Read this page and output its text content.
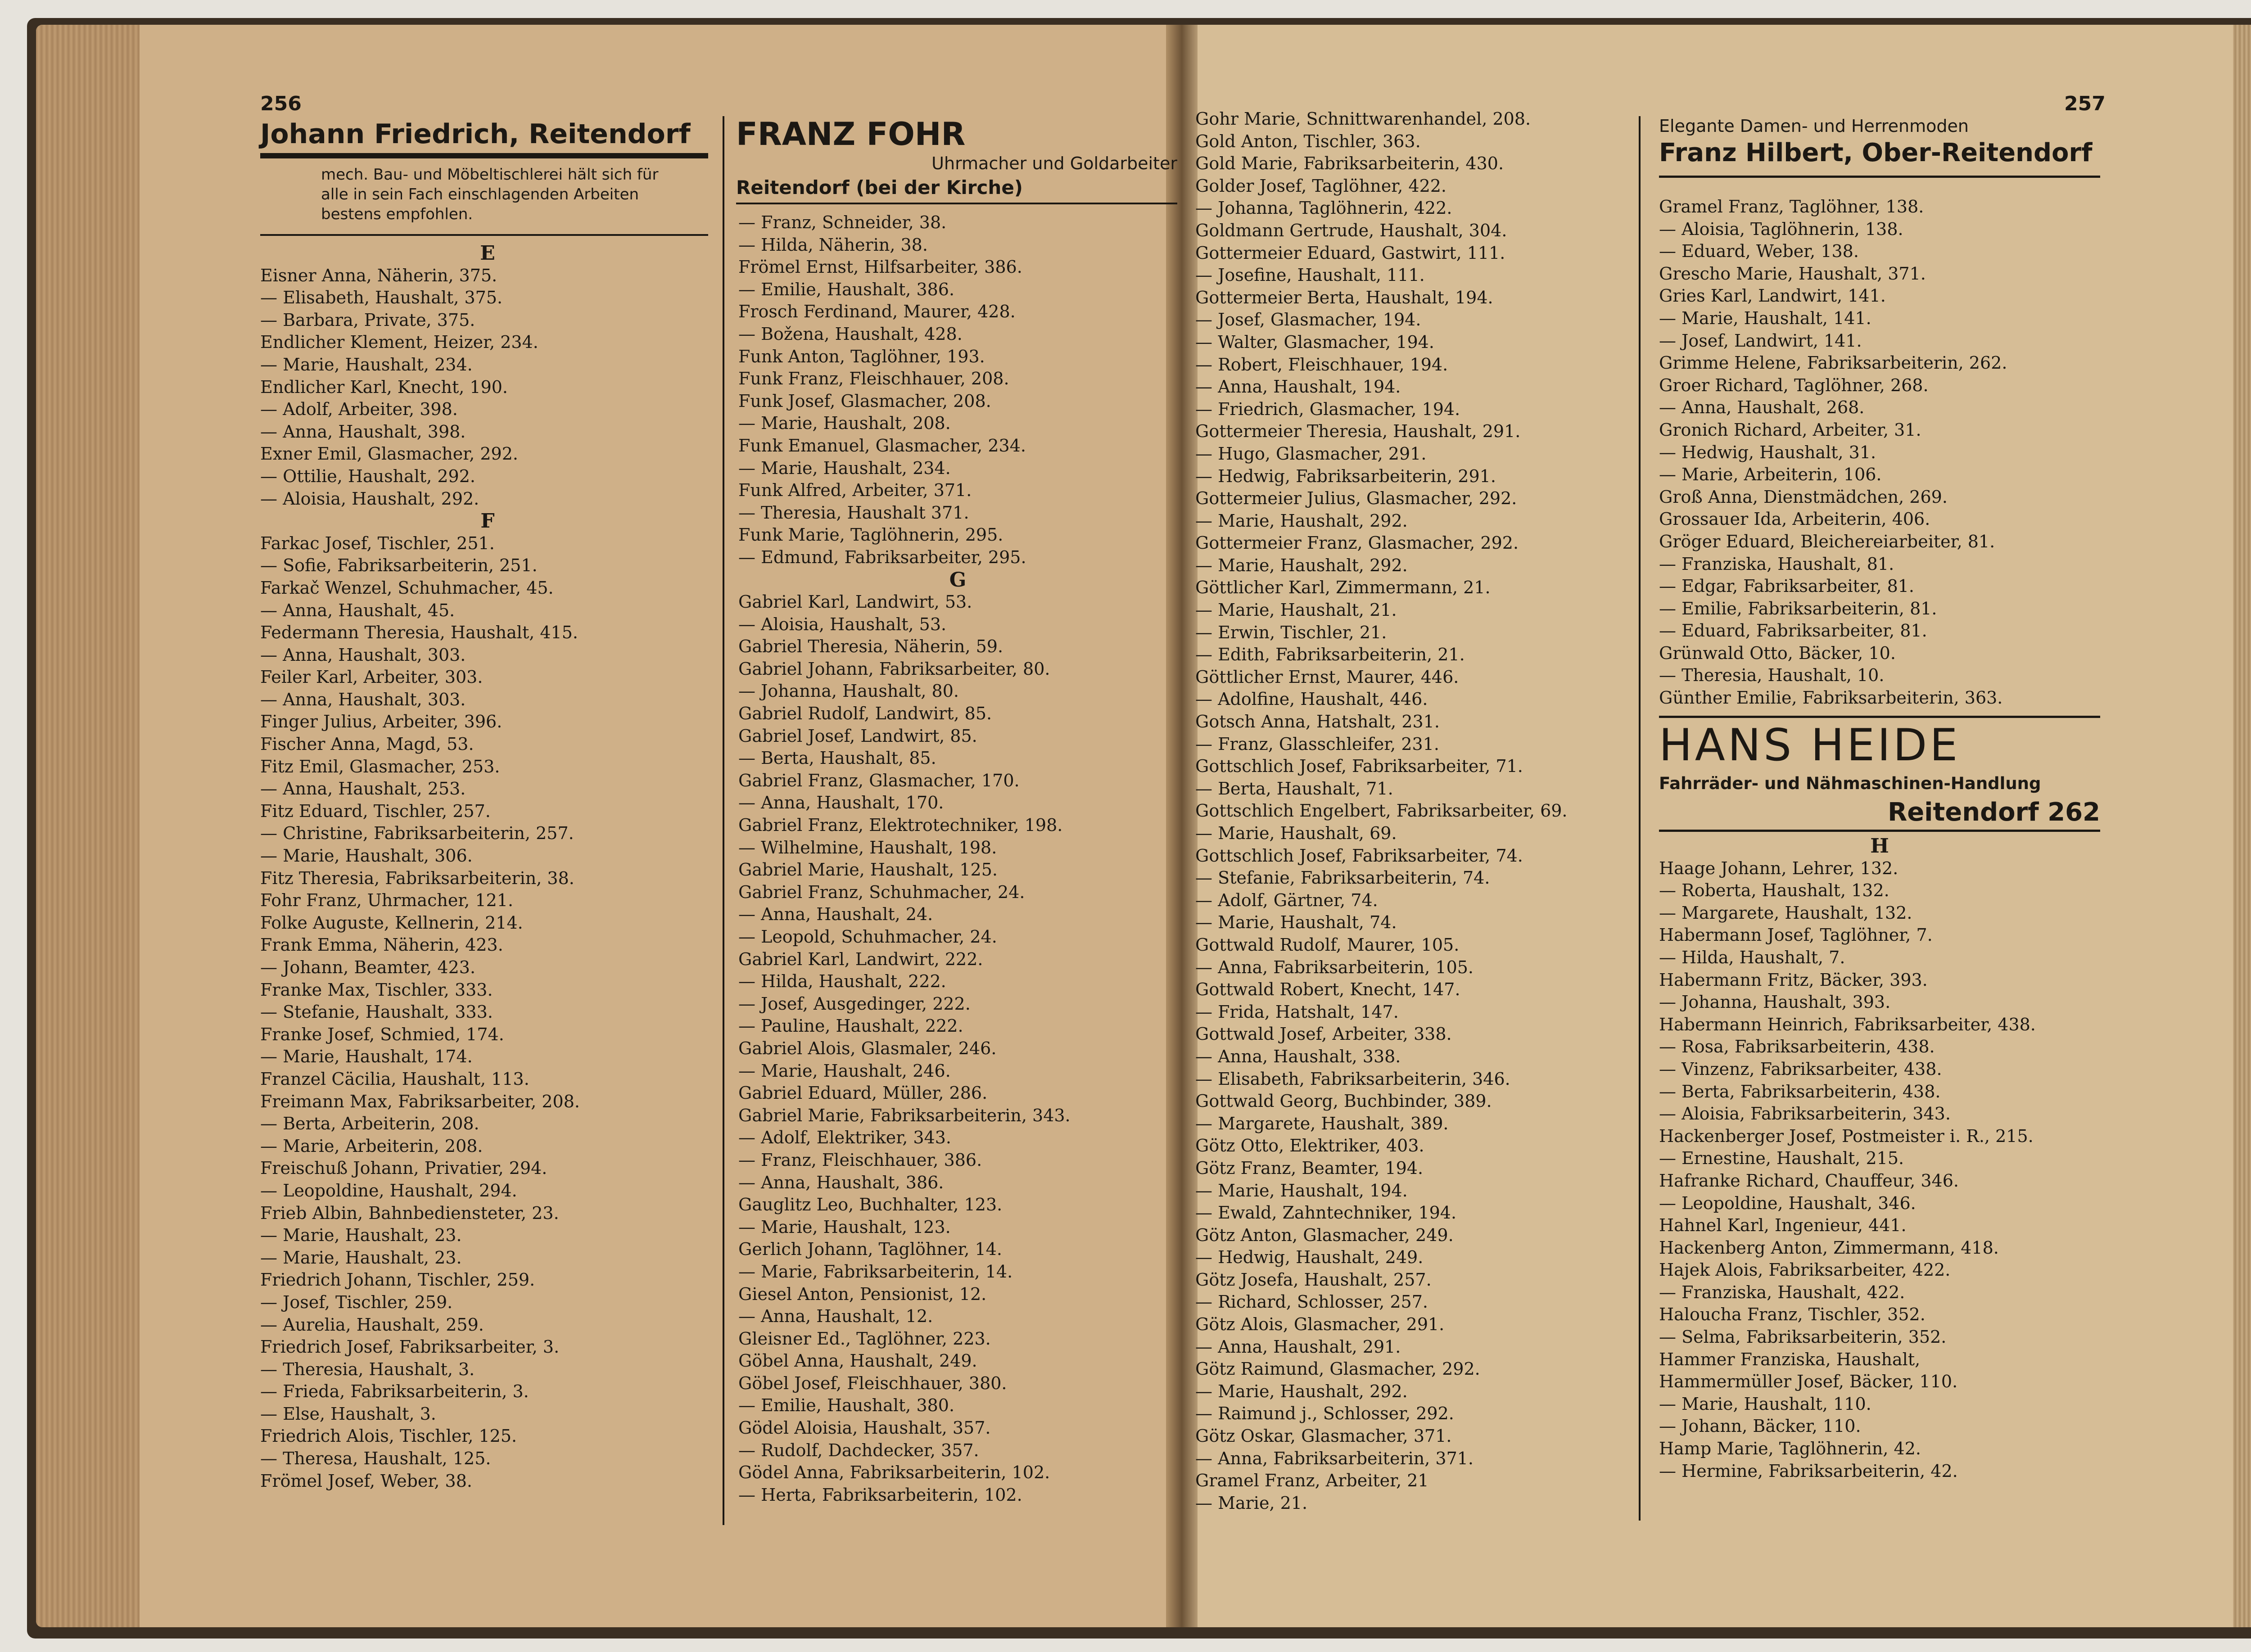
256
Johann Friedrich, Reitendorf
mech. Bau- und Möbeltischlerei hält sich für
alle in sein Fach einschlagenden Arbeiten
bestens empfohlen.
FRANZ FOHR
Uhrmacher und Goldarbeiter
Reitendorf (bei der Kirche)
E
Eisner Anna, Näherin, 375.
— Elisabeth, Haushalt, 375.
— Barbara, Private, 375.
Endlicher Klement, Heizer, 234.
— Marie, Haushalt, 234.
Endlicher Karl, Knecht, 190.
— Adolf, Arbeiter, 398.
— Anna, Haushalt, 398.
Exner Emil, Glasmacher, 292.
— Ottilie, Haushalt, 292.
— Aloisia, Haushalt, 292.
F
Farkac Josef, Tischler, 251.
— Sofie, Fabriksarbeiterin, 251.
Farkač Wenzel, Schuhmacher, 45.
— Anna, Haushalt, 45.
Federmann Theresia, Haushalt, 415.
— Anna, Haushalt, 303.
Feiler Karl, Arbeiter, 303.
— Anna, Haushalt, 303.
Finger Julius, Arbeiter, 396.
Fischer Anna, Magd, 53.
Fitz Emil, Glasmacher, 253.
— Anna, Haushalt, 253.
Fitz Eduard, Tischler, 257.
— Christine, Fabriksarbeiterin, 257.
— Marie, Haushalt, 306.
Fitz Theresia, Fabriksarbeiterin, 38.
Fohr Franz, Uhrmacher, 121.
Folke Auguste, Kellnerin, 214.
Frank Emma, Näherin, 423.
— Johann, Beamter, 423.
Franke Max, Tischler, 333.
— Stefanie, Haushalt, 333.
Franke Josef, Schmied, 174.
— Marie, Haushalt, 174.
Franzel Cäcilia, Haushalt, 113.
Freimann Max, Fabriksarbeiter, 208.
— Berta, Arbeiterin, 208.
— Marie, Arbeiterin, 208.
Freischuß Johann, Privatier, 294.
— Leopoldine, Haushalt, 294.
Frieb Albin, Bahnbediensteter, 23.
— Marie, Haushalt, 23.
— Marie, Haushalt, 23.
Friedrich Johann, Tischler, 259.
— Josef, Tischler, 259.
— Aurelia, Haushalt, 259.
Friedrich Josef, Fabriksarbeiter, 3.
— Theresia, Haushalt, 3.
— Frieda, Fabriksarbeiterin, 3.
— Else, Haushalt, 3.
Friedrich Alois, Tischler, 125.
— Theresa, Haushalt, 125.
Frömel Josef, Weber, 38.
— Franz, Schneider, 38.
— Hilda, Näherin, 38.
Frömel Ernst, Hilfsarbeiter, 386.
— Emilie, Haushalt, 386.
Frosch Ferdinand, Maurer, 428.
— Božena, Haushalt, 428.
Funk Anton, Taglöhner, 193.
Funk Franz, Fleischhauer, 208.
Funk Josef, Glasmacher, 208.
— Marie, Haushalt, 208.
Funk Emanuel, Glasmacher, 234.
— Marie, Haushalt, 234.
Funk Alfred, Arbeiter, 371.
— Theresia, Haushalt 371.
Funk Marie, Taglöhnerin, 295.
— Edmund, Fabriksarbeiter, 295.
G
Gabriel Karl, Landwirt, 53.
— Aloisia, Haushalt, 53.
Gabriel Theresia, Näherin, 59.
Gabriel Johann, Fabriksarbeiter, 80.
— Johanna, Haushalt, 80.
Gabriel Rudolf, Landwirt, 85.
Gabriel Josef, Landwirt, 85.
— Berta, Haushalt, 85.
Gabriel Franz, Glasmacher, 170.
— Anna, Haushalt, 170.
Gabriel Franz, Elektrotechniker, 198.
— Wilhelmine, Haushalt, 198.
Gabriel Marie, Haushalt, 125.
Gabriel Franz, Schuhmacher, 24.
— Anna, Haushalt, 24.
— Leopold, Schuhmacher, 24.
Gabriel Karl, Landwirt, 222.
— Hilda, Haushalt, 222.
— Josef, Ausgedinger, 222.
— Pauline, Haushalt, 222.
Gabriel Alois, Glasmaler, 246.
— Marie, Haushalt, 246.
Gabriel Eduard, Müller, 286.
Gabriel Marie, Fabriksarbeiterin, 343.
— Adolf, Elektriker, 343.
— Franz, Fleischhauer, 386.
— Anna, Haushalt, 386.
Gauglitz Leo, Buchhalter, 123.
— Marie, Haushalt, 123.
Gerlich Johann, Taglöhner, 14.
— Marie, Fabriksarbeiterin, 14.
Giesel Anton, Pensionist, 12.
— Anna, Haushalt, 12.
Gleisner Ed., Taglöhner, 223.
Göbel Anna, Haushalt, 249.
Göbel Josef, Fleischhauer, 380.
— Emilie, Haushalt, 380.
Gödel Aloisia, Haushalt, 357.
— Rudolf, Dachdecker, 357.
Gödel Anna, Fabriksarbeiterin, 102.
— Herta, Fabriksarbeiterin, 102.
257
Gohr Marie, Schnittwarenhandel, 208.
Gold Anton, Tischler, 363.
Gold Marie, Fabriksarbeiterin, 430.
Golder Josef, Taglöhner, 422.
— Johanna, Taglöhnerin, 422.
Goldmann Gertrude, Haushalt, 304.
Gottermeier Eduard, Gastwirt, 111.
— Josefine, Haushalt, 111.
Gottermeier Berta, Haushalt, 194.
— Josef, Glasmacher, 194.
— Walter, Glasmacher, 194.
— Robert, Fleischhauer, 194.
— Anna, Haushalt, 194.
— Friedrich, Glasmacher, 194.
Gottermeier Theresia, Haushalt, 291.
— Hugo, Glasmacher, 291.
— Hedwig, Fabriksarbeiterin, 291.
Gottermeier Julius, Glasmacher, 292.
— Marie, Haushalt, 292.
Gottermeier Franz, Glasmacher, 292.
— Marie, Haushalt, 292.
Göttlicher Karl, Zimmermann, 21.
— Marie, Haushalt, 21.
— Erwin, Tischler, 21.
— Edith, Fabriksarbeiterin, 21.
Göttlicher Ernst, Maurer, 446.
— Adolfine, Haushalt, 446.
Gotsch Anna, Hatshalt, 231.
— Franz, Glasschleifer, 231.
Gottschlich Josef, Fabriksarbeiter, 71.
— Berta, Haushalt, 71.
Gottschlich Engelbert, Fabriksarbeiter, 69.
— Marie, Haushalt, 69.
Gottschlich Josef, Fabriksarbeiter, 74.
— Stefanie, Fabriksarbeiterin, 74.
— Adolf, Gärtner, 74.
— Marie, Haushalt, 74.
Gottwald Rudolf, Maurer, 105.
— Anna, Fabriksarbeiterin, 105.
Gottwald Robert, Knecht, 147.
— Frida, Hatshalt, 147.
Gottwald Josef, Arbeiter, 338.
— Anna, Haushalt, 338.
— Elisabeth, Fabriksarbeiterin, 346.
Gottwald Georg, Buchbinder, 389.
— Margarete, Haushalt, 389.
Götz Otto, Elektriker, 403.
Götz Franz, Beamter, 194.
— Marie, Haushalt, 194.
— Ewald, Zahntechniker, 194.
Götz Anton, Glasmacher, 249.
— Hedwig, Haushalt, 249.
Götz Josefa, Haushalt, 257.
— Richard, Schlosser, 257.
Götz Alois, Glasmacher, 291.
— Anna, Haushalt, 291.
Götz Raimund, Glasmacher, 292.
— Marie, Haushalt, 292.
— Raimund j., Schlosser, 292.
Götz Oskar, Glasmacher, 371.
— Anna, Fabriksarbeiterin, 371.
Gramel Franz, Arbeiter, 21
— Marie, 21.
Elegante Damen- und Herrenmoden
Franz Hilbert, Ober-Reitendorf
Gramel Franz, Taglöhner, 138.
— Aloisia, Taglöhnerin, 138.
— Eduard, Weber, 138.
Grescho Marie, Haushalt, 371.
Gries Karl, Landwirt, 141.
— Marie, Haushalt, 141.
— Josef, Landwirt, 141.
Grimme Helene, Fabriksarbeiterin, 262.
Groer Richard, Taglöhner, 268.
— Anna, Haushalt, 268.
Gronich Richard, Arbeiter, 31.
— Hedwig, Haushalt, 31.
— Marie, Arbeiterin, 106.
Groß Anna, Dienstmädchen, 269.
Grossauer Ida, Arbeiterin, 406.
Gröger Eduard, Bleichereiarbeiter, 81.
— Franziska, Haushalt, 81.
— Edgar, Fabriksarbeiter, 81.
— Emilie, Fabriksarbeiterin, 81.
— Eduard, Fabriksarbeiter, 81.
Grünwald Otto, Bäcker, 10.
— Theresia, Haushalt, 10.
Günther Emilie, Fabriksarbeiterin, 363.
HANS HEIDE
Fahrräder- und Nähmaschinen-Handlung
Reitendorf 262
H
Haage Johann, Lehrer, 132.
— Roberta, Haushalt, 132.
— Margarete, Haushalt, 132.
Habermann Josef, Taglöhner, 7.
— Hilda, Haushalt, 7.
Habermann Fritz, Bäcker, 393.
— Johanna, Haushalt, 393.
Habermann Heinrich, Fabriksarbeiter, 438.
— Rosa, Fabriksarbeiterin, 438.
— Vinzenz, Fabriksarbeiter, 438.
— Berta, Fabriksarbeiterin, 438.
— Aloisia, Fabriksarbeiterin, 343.
Hackenberger Josef, Postmeister i. R., 215.
— Ernestine, Haushalt, 215.
Hafranke Richard, Chauffeur, 346.
— Leopoldine, Haushalt, 346.
Hahnel Karl, Ingenieur, 441.
Hackenberg Anton, Zimmermann, 418.
Hajek Alois, Fabriksarbeiter, 422.
— Franziska, Haushalt, 422.
Halouchа Franz, Tischler, 352.
— Selma, Fabriksarbeiterin, 352.
Hammer Franziska, Haushalt,
Hammermüller Josef, Bäcker, 110.
— Marie, Haushalt, 110.
— Johann, Bäcker, 110.
Hamp Marie, Taglöhnerin, 42.
— Hermine, Fabriksarbeiterin, 42.
